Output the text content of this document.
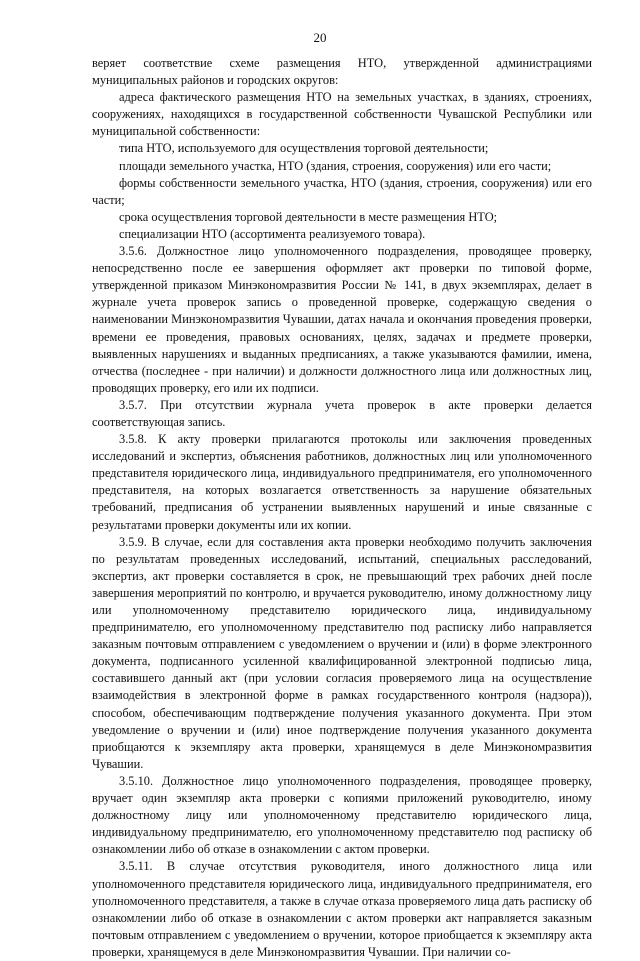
20

веряет соответствие схеме размещения НТО, утвержденной администрациями муниципальных районов и городских округов:

адреса фактического размещения НТО на земельных участках, в зданиях, строениях, сооружениях, находящихся в государственной собственности Чувашской Республики или муниципальной собственности:

типа НТО, используемого для осуществления торговой деятельности;

площади земельного участка, НТО (здания, строения, сооружения) или его части;

формы собственности земельного участка, НТО (здания, строения, сооружения) или его части;

срока осуществления торговой деятельности в месте размещения НТО;

специализации НТО (ассортимента реализуемого товара).

3.5.6. Должностное лицо уполномоченного подразделения, проводящее проверку, непосредственно после ее завершения оформляет акт проверки по типовой форме, утвержденной приказом Минэкономразвития России № 141, в двух экземплярах, делает в журнале учета проверок запись о проведенной проверке, содержащую сведения о наименовании Минэкономразвития Чувашии, датах начала и окончания проведения проверки, времени ее проведения, правовых основаниях, целях, задачах и предмете проверки, выявленных нарушениях и выданных предписаниях, а также указываются фамилии, имена, отчества (последнее - при наличии) и должности должностного лица или должностных лиц, проводящих проверку, его или их подписи.

3.5.7. При отсутствии журнала учета проверок в акте проверки делается соответствующая запись.

3.5.8. К акту проверки прилагаются протоколы или заключения проведенных исследований и экспертиз, объяснения работников, должностных лиц или уполномоченного представителя юридического лица, индивидуального предпринимателя, его уполномоченного представителя, на которых возлагается ответственность за нарушение обязательных требований, предписания об устранении выявленных нарушений и иные связанные с результатами проверки документы или их копии.

3.5.9. В случае, если для составления акта проверки необходимо получить заключения по результатам проведенных исследований, испытаний, специальных расследований, экспертиз, акт проверки составляется в срок, не превышающий трех рабочих дней после завершения мероприятий по контролю, и вручается руководителю, иному должностному лицу или уполномоченному представителю юридического лица, индивидуальному предпринимателю, его уполномоченному представителю под расписку либо направляется заказным почтовым отправлением с уведомлением о вручении и (или) в форме электронного документа, подписанного усиленной квалифицированной электронной подписью лица, составившего данный акт (при условии согласия проверяемого лица на осуществление взаимодействия в электронной форме в рамках государственного контроля (надзора)), способом, обеспечивающим подтверждение получения указанного документа. При этом уведомление о вручении и (или) иное подтверждение получения указанного документа приобщаются к экземпляру акта проверки, хранящемуся в деле Минэкономразвития Чувашии.

3.5.10. Должностное лицо уполномоченного подразделения, проводящее проверку, вручает один экземпляр акта проверки с копиями приложений руководителю, иному должностному лицу или уполномоченному представителю юридического лица, индивидуальному предпринимателю, его уполномоченному представителю под расписку об ознакомлении либо об отказе в ознакомлении с актом проверки.

3.5.11. В случае отсутствия руководителя, иного должностного лица или уполномоченного представителя юридического лица, индивидуального предпринимателя, его уполномоченного представителя, а также в случае отказа проверяемого лица дать расписку об ознакомлении либо об отказе в ознакомлении с актом проверки акт направляется заказным почтовым отправлением с уведомлением о вручении, которое приобщается к экземпляру акта проверки, хранящемуся в деле Минэкономразвития Чувашии. При наличии со-
